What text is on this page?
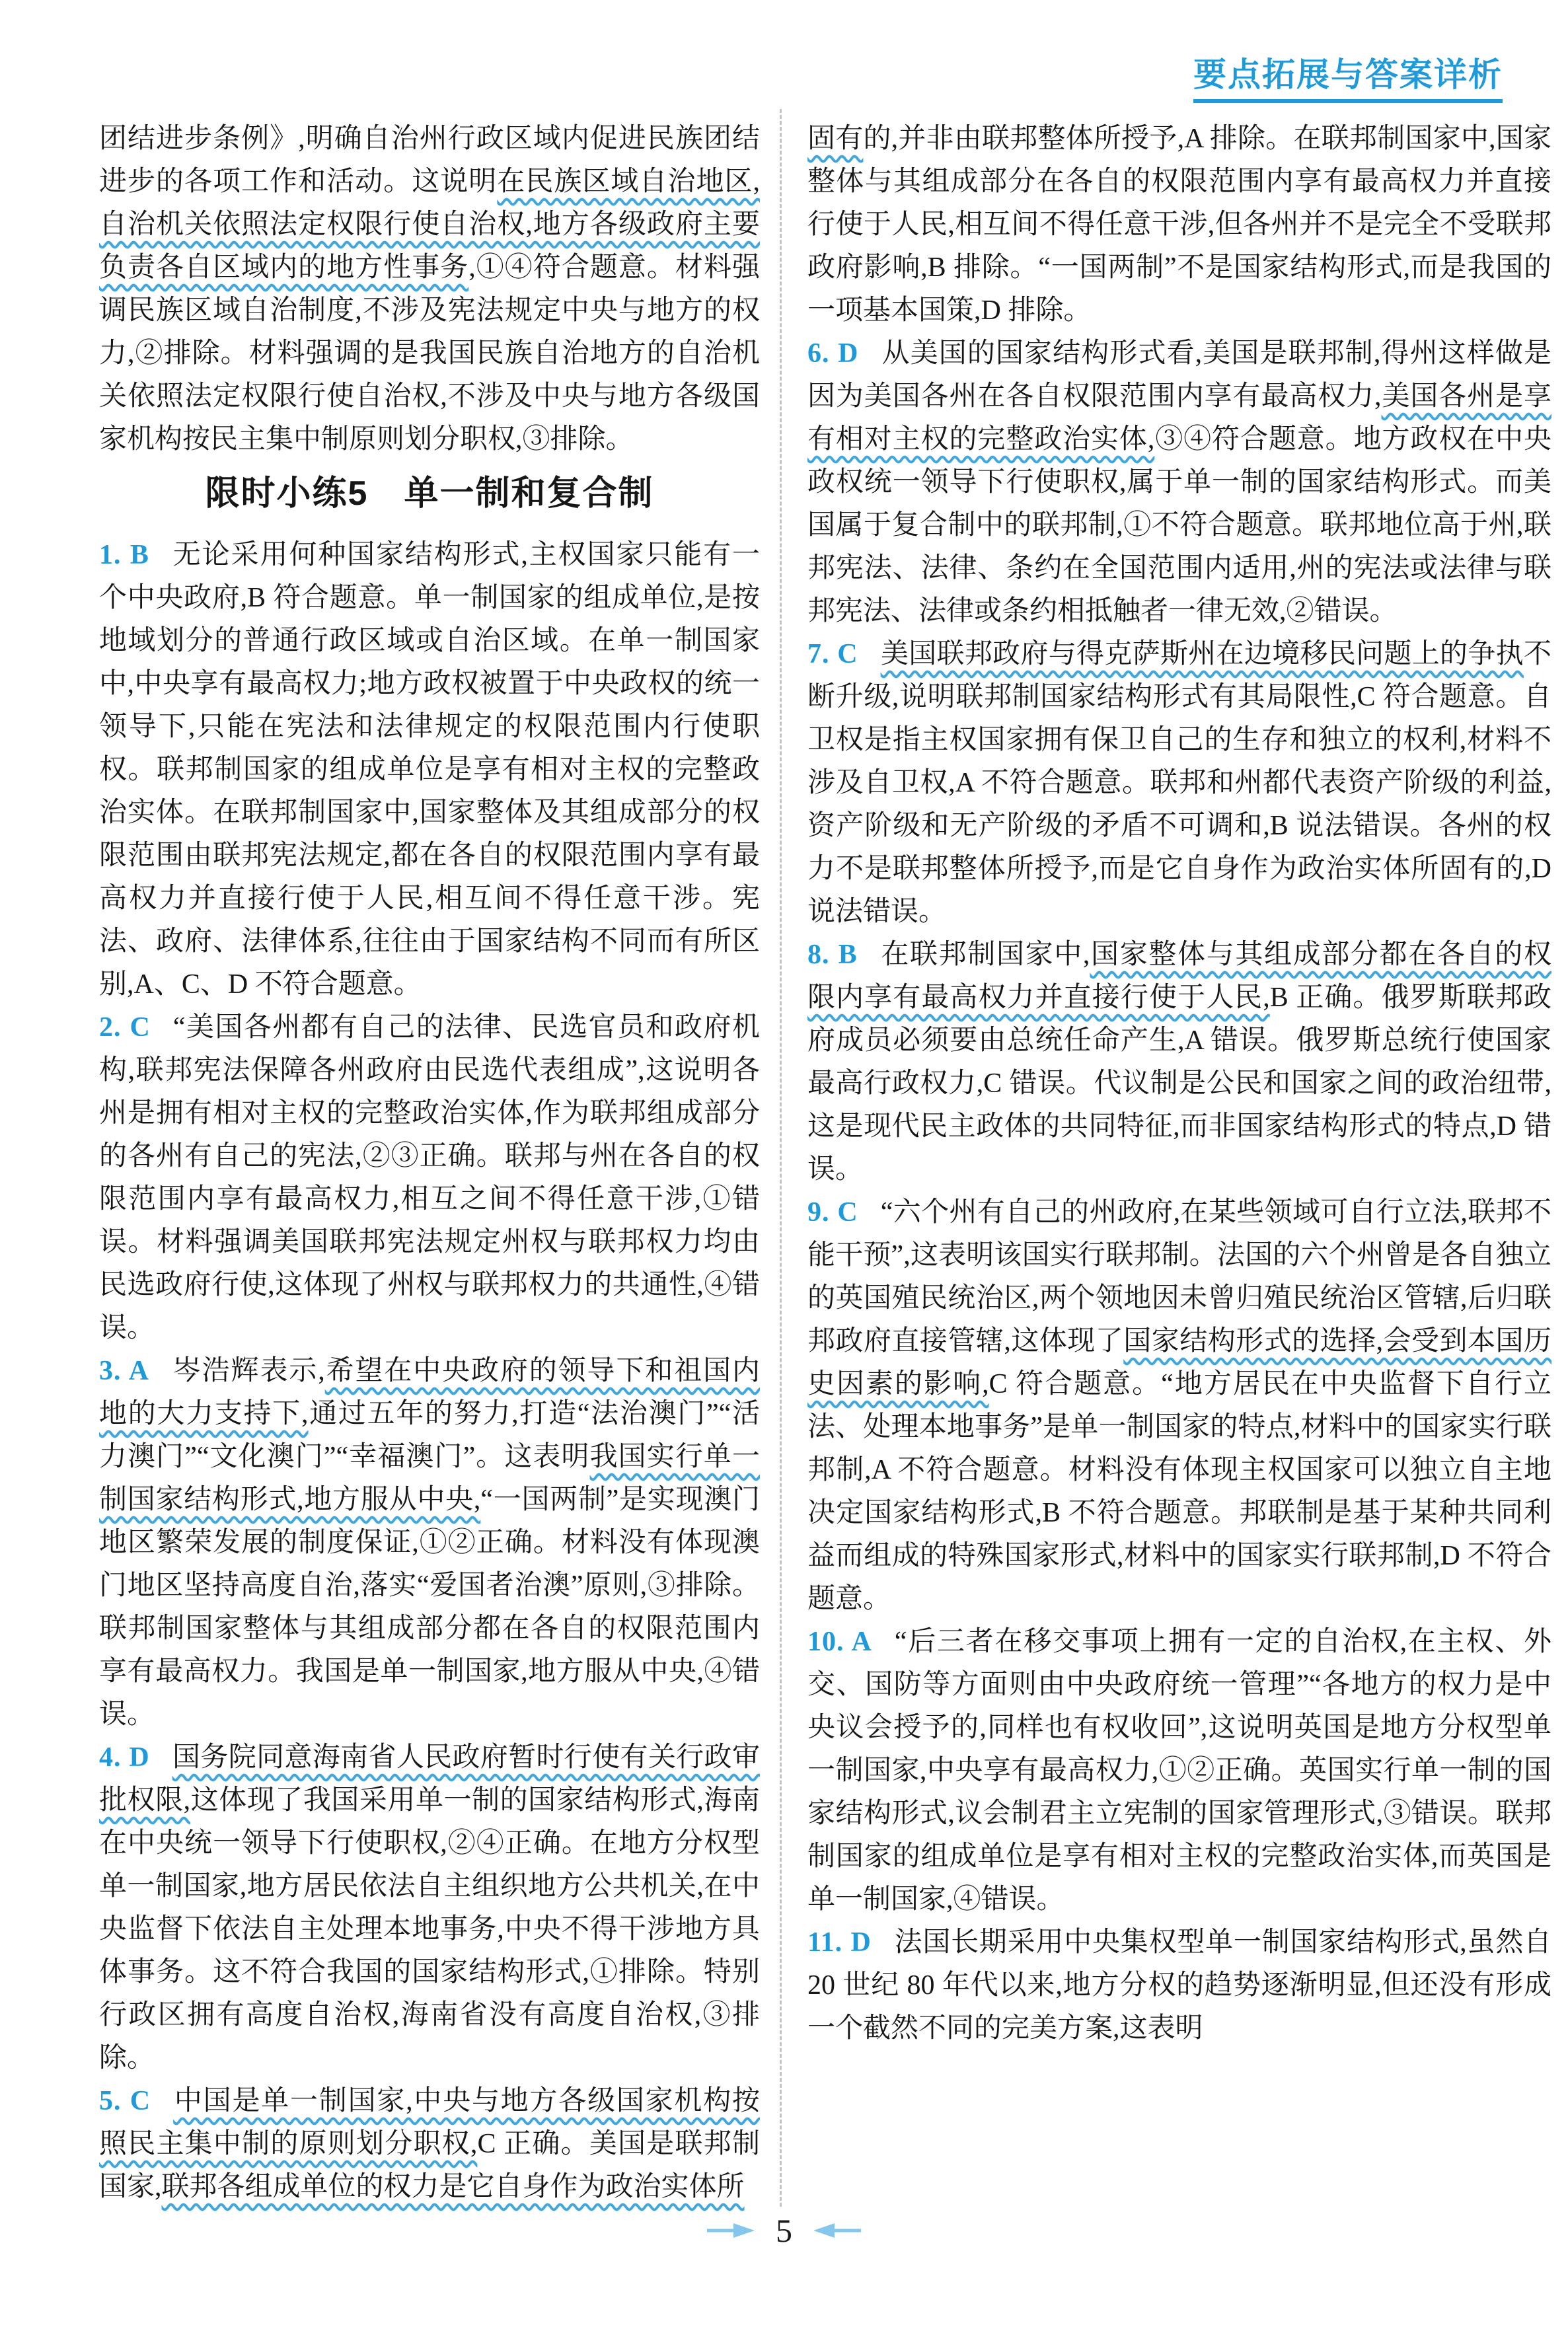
要点拓展与答案详析

团结进步条例》,明确自治州行政区域内促进民族团结进步的各项工作和活动。这说明在民族区域自治地区,自治机关依照法定权限行使自治权,地方各级政府主要负责各自区域内的地方性事务,①④符合题意。材料强调民族区域自治制度,不涉及宪法规定中央与地方的权力,②排除。材料强调的是我国民族自治地方的自治机关依照法定权限行使自治权,不涉及中央与地方各级国家机构按民主集中制原则划分职权,③排除。

限时小练5　单一制和复合制

1. B 无论采用何种国家结构形式,主权国家只能有一个中央政府,B 符合题意。单一制国家的组成单位,是按地域划分的普通行政区域或自治区域。在单一制国家中,中央享有最高权力;地方政权被置于中央政权的统一领导下,只能在宪法和法律规定的权限范围内行使职权。联邦制国家的组成单位是享有相对主权的完整政治实体。在联邦制国家中,国家整体及其组成部分的权限范围由联邦宪法规定,都在各自的权限范围内享有最高权力并直接行使于人民,相互间不得任意干涉。宪法、政府、法律体系,往往由于国家结构不同而有所区别,A、C、D 不符合题意。

2. C “美国各州都有自己的法律、民选官员和政府机构,联邦宪法保障各州政府由民选代表组成”,这说明各州是拥有相对主权的完整政治实体,作为联邦组成部分的各州有自己的宪法,②③正确。联邦与州在各自的权限范围内享有最高权力,相互之间不得任意干涉,①错误。材料强调美国联邦宪法规定州权与联邦权力均由民选政府行使,这体现了州权与联邦权力的共通性,④错误。

3. A 岑浩辉表示,希望在中央政府的领导下和祖国内地的大力支持下,通过五年的努力,打造“法治澳门”“活力澳门”“文化澳门”“幸福澳门”。这表明我国实行单一制国家结构形式,地方服从中央,“一国两制”是实现澳门地区繁荣发展的制度保证,①②正确。材料没有体现澳门地区坚持高度自治,落实“爱国者治澳”原则,③排除。联邦制国家整体与其组成部分都在各自的权限范围内享有最高权力。我国是单一制国家,地方服从中央,④错误。

4. D 国务院同意海南省人民政府暂时行使有关行政审批权限,这体现了我国采用单一制的国家结构形式,海南在中央统一领导下行使职权,②④正确。在地方分权型单一制国家,地方居民依法自主组织地方公共机关,在中央监督下依法自主处理本地事务,中央不得干涉地方具体事务。这不符合我国的国家结构形式,①排除。特别行政区拥有高度自治权,海南省没有高度自治权,③排除。

5. C 中国是单一制国家,中央与地方各级国家机构按照民主集中制的原则划分职权,C 正确。美国是联邦制国家,联邦各组成单位的权力是它自身作为政治实体所

固有的,并非由联邦整体所授予,A 排除。在联邦制国家中,国家整体与其组成部分在各自的权限范围内享有最高权力并直接行使于人民,相互间不得任意干涉,但各州并不是完全不受联邦政府影响,B 排除。“一国两制”不是国家结构形式,而是我国的一项基本国策,D 排除。

6. D 从美国的国家结构形式看,美国是联邦制,得州这样做是因为美国各州在各自权限范围内享有最高权力,美国各州是享有相对主权的完整政治实体,③④符合题意。地方政权在中央政权统一领导下行使职权,属于单一制的国家结构形式。而美国属于复合制中的联邦制,①不符合题意。联邦地位高于州,联邦宪法、法律、条约在全国范围内适用,州的宪法或法律与联邦宪法、法律或条约相抵触者一律无效,②错误。

7. C 美国联邦政府与得克萨斯州在边境移民问题上的争执不断升级,说明联邦制国家结构形式有其局限性,C 符合题意。自卫权是指主权国家拥有保卫自己的生存和独立的权利,材料不涉及自卫权,A 不符合题意。联邦和州都代表资产阶级的利益,资产阶级和无产阶级的矛盾不可调和,B 说法错误。各州的权力不是联邦整体所授予,而是它自身作为政治实体所固有的,D 说法错误。

8. B 在联邦制国家中,国家整体与其组成部分都在各自的权限内享有最高权力并直接行使于人民,B 正确。俄罗斯联邦政府成员必须要由总统任命产生,A 错误。俄罗斯总统行使国家最高行政权力,C 错误。代议制是公民和国家之间的政治纽带,这是现代民主政体的共同特征,而非国家结构形式的特点,D 错误。

9. C “六个州有自己的州政府,在某些领域可自行立法,联邦不能干预”,这表明该国实行联邦制。法国的六个州曾是各自独立的英国殖民统治区,两个领地因未曾归殖民统治区管辖,后归联邦政府直接管辖,这体现了国家结构形式的选择,会受到本国历史因素的影响,C 符合题意。“地方居民在中央监督下自行立法、处理本地事务”是单一制国家的特点,材料中的国家实行联邦制,A 不符合题意。材料没有体现主权国家可以独立自主地决定国家结构形式,B 不符合题意。邦联制是基于某种共同利益而组成的特殊国家形式,材料中的国家实行联邦制,D 不符合题意。

10. A “后三者在移交事项上拥有一定的自治权,在主权、外交、国防等方面则由中央政府统一管理”“各地方的权力是中央议会授予的,同样也有权收回”,这说明英国是地方分权型单一制国家,中央享有最高权力,①②正确。英国实行单一制的国家结构形式,议会制君主立宪制的国家管理形式,③错误。联邦制国家的组成单位是享有相对主权的完整政治实体,而英国是单一制国家,④错误。

11. D 法国长期采用中央集权型单一制国家结构形式,虽然自 20 世纪 80 年代以来,地方分权的趋势逐渐明显,但还没有形成一个截然不同的完美方案,这表明

5
